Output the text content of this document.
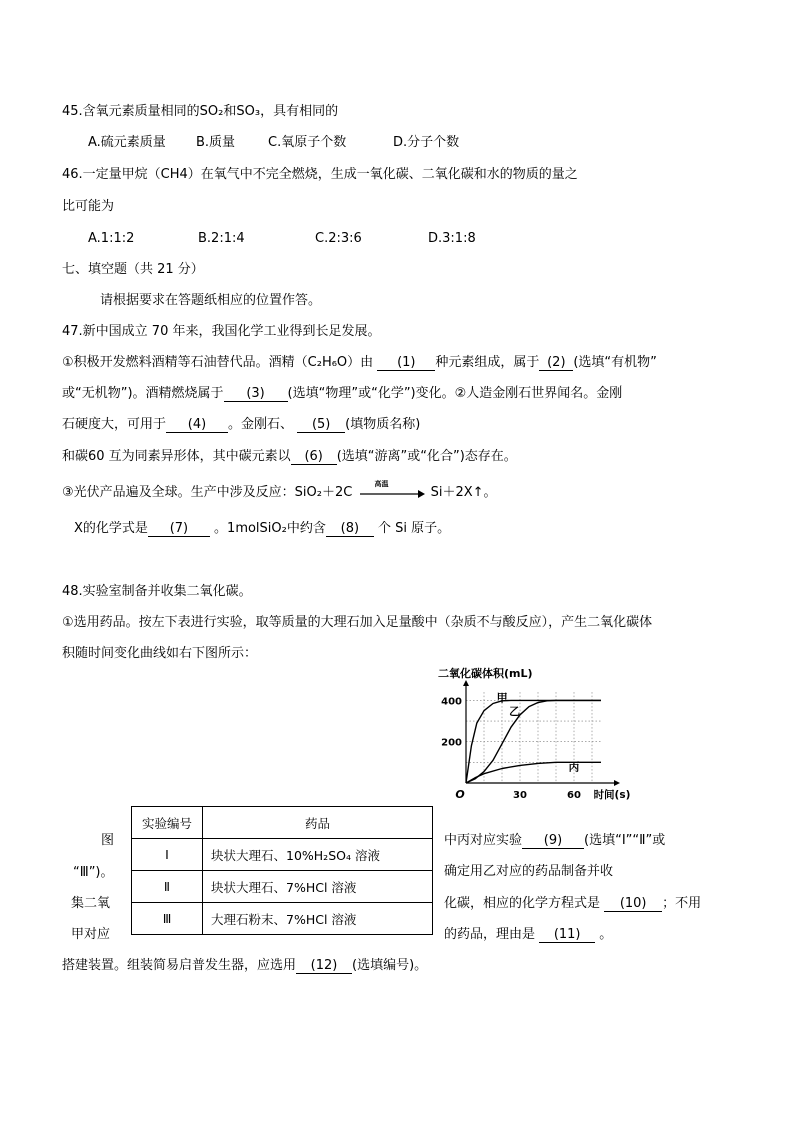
45.含氧元素质量相同的SO₂和SO₃，具有相同的
A.硫元素质量 B.质量	C.氧原子个数	D.分子个数
46.一定量甲烷（CH4）在氧气中不完全燃烧，生成一氧化碳、二氧化碳和水的物质的量之
比可能为
A.1:1:2	B.2:1:4	C.2:3:6	D.3:1:8
七、填空题（共 21 分）
请根据要求在答题纸相应的位置作答。
47.新中国成立 70 年来，我国化学工业得到长足发展。
①积极开发燃料酒精等石油替代品。酒精（C₂H₆O）由 (1) 种元素组成，属于 (2) (选填“有机物”
或“无机物”)。酒精燃烧属于 (3) (选填“物理”或“化学”)变化。②人造金刚石世界闻名。金刚
石硬度大，可用于 (4) 。金刚石、 (5) (填物质名称)
和碳60 互为同素异形体，其中碳元素以 (6) (选填“游离”或“化合”)态存在。
③光伏产品遍及全球。生产中涉及反应：SiO₂＋2C
高温
Si＋2X↑。
X的化学式是 (7) 。1molSiO₂中约含 (8) 个 Si 原子。
48.实验室制备并收集二氧化碳。
①选用药品。按左下表进行实验，取等质量的大理石加入足量酸中（杂质不与酸反应），产生二氧化碳体
积随时间变化曲线如右下图所示：
30	60
200
400
O	时间(s)
二氧化碳体积(mL)
甲
乙
丙
实验编号	药品
Ⅰ	块状大理石、10%H₂SO₄ 溶液
Ⅱ	块状大理石、7%HCl 溶液
Ⅲ	大理石粉末、7%HCl 溶液
图
“Ⅲ”)。
集二氧
甲对应
中丙对应实验 (9) (选填“Ⅰ”“Ⅱ”或
确定用乙对应的药品制备并收
化碳，相应的化学方程式是 (10) ；不用
的药品，理由是 (11) 。
搭建装置。组装简易启普发生器，应选用 (12) (选填编号)。
